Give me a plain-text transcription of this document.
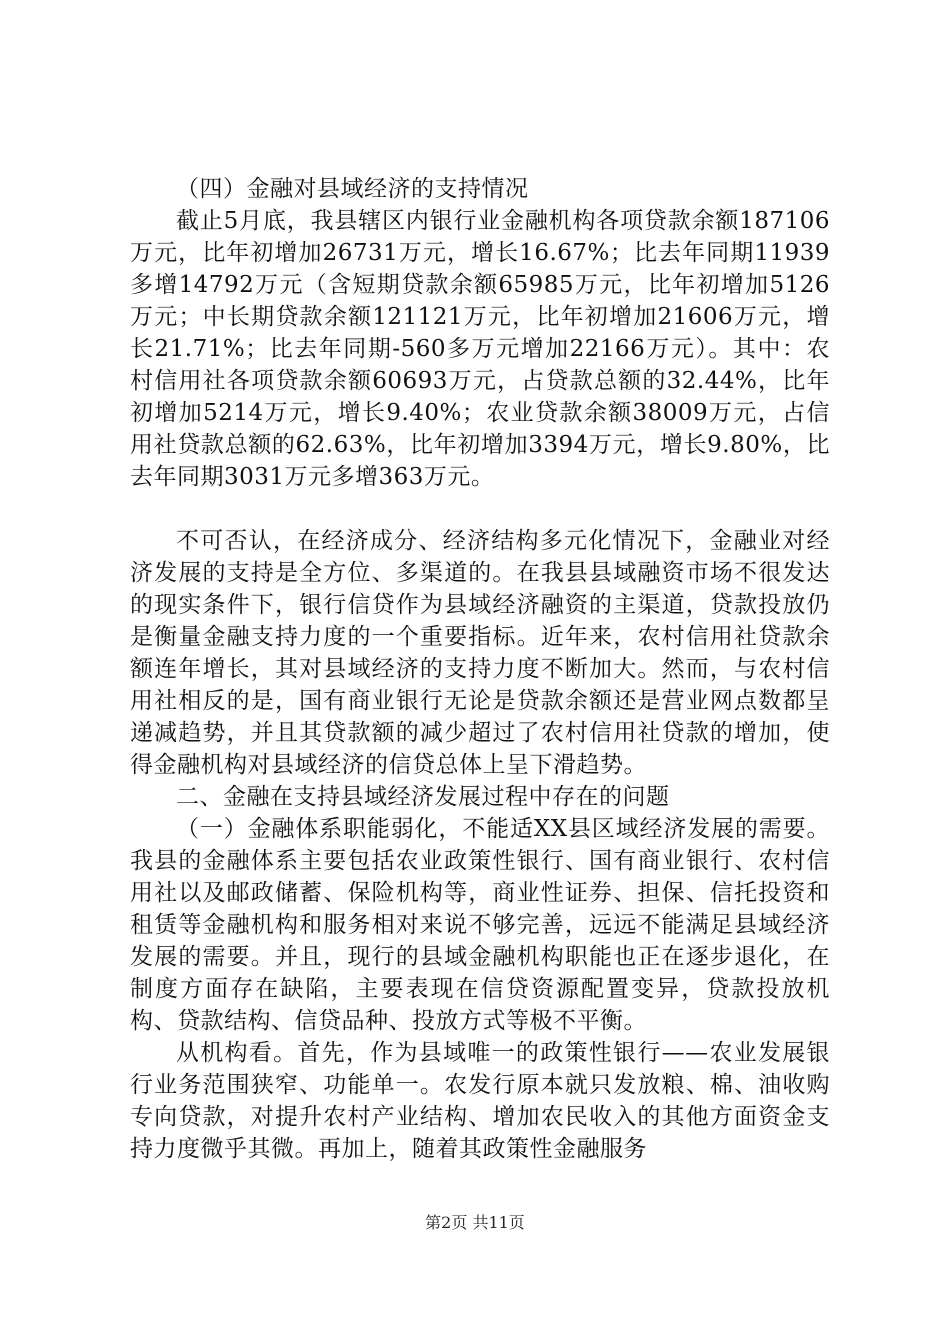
（四）金融对县域经济的支持情况

截止5月底，我县辖区内银行业金融机构各项贷款余额187106万元，比年初增加26731万元，增长16.67%；比去年同期11939多增14792万元（含短期贷款余额65985万元，比年初增加5126万元；中长期贷款余额121121万元，比年初增加21606万元，增长21.71%；比去年同期-560多万元增加22166万元）。其中：农村信用社各项贷款余额60693万元，占贷款总额的32.44%，比年初增加5214万元，增长9.40%；农业贷款余额38009万元，占信用社贷款总额的62.63%，比年初增加3394万元，增长9.80%，比去年同期3031万元多增363万元。

不可否认，在经济成分、经济结构多元化情况下，金融业对经济发展的支持是全方位、多渠道的。在我县县域融资市场不很发达的现实条件下，银行信贷作为县域经济融资的主渠道，贷款投放仍是衡量金融支持力度的一个重要指标。近年来，农村信用社贷款余额连年增长，其对县域经济的支持力度不断加大。然而，与农村信用社相反的是，国有商业银行无论是贷款余额还是营业网点数都呈递减趋势，并且其贷款额的减少超过了农村信用社贷款的增加，使得金融机构对县域经济的信贷总体上呈下滑趋势。

二、金融在支持县域经济发展过程中存在的问题

（一）金融体系职能弱化，不能适XX县区域经济发展的需要。我县的金融体系主要包括农业政策性银行、国有商业银行、农村信用社以及邮政储蓄、保险机构等，商业性证券、担保、信托投资和租赁等金融机构和服务相对来说不够完善，远远不能满足县域经济发展的需要。并且，现行的县域金融机构职能也正在逐步退化，在制度方面存在缺陷，主要表现在信贷资源配置变异，贷款投放机构、贷款结构、信贷品种、投放方式等极不平衡。

从机构看。首先，作为县域唯一的政策性银行——农业发展银行业务范围狭窄、功能单一。农发行原本就只发放粮、棉、油收购专向贷款，对提升农村产业结构、增加农民收入的其他方面资金支持力度微乎其微。再加上，随着其政策性金融服务

第2页 共11页
